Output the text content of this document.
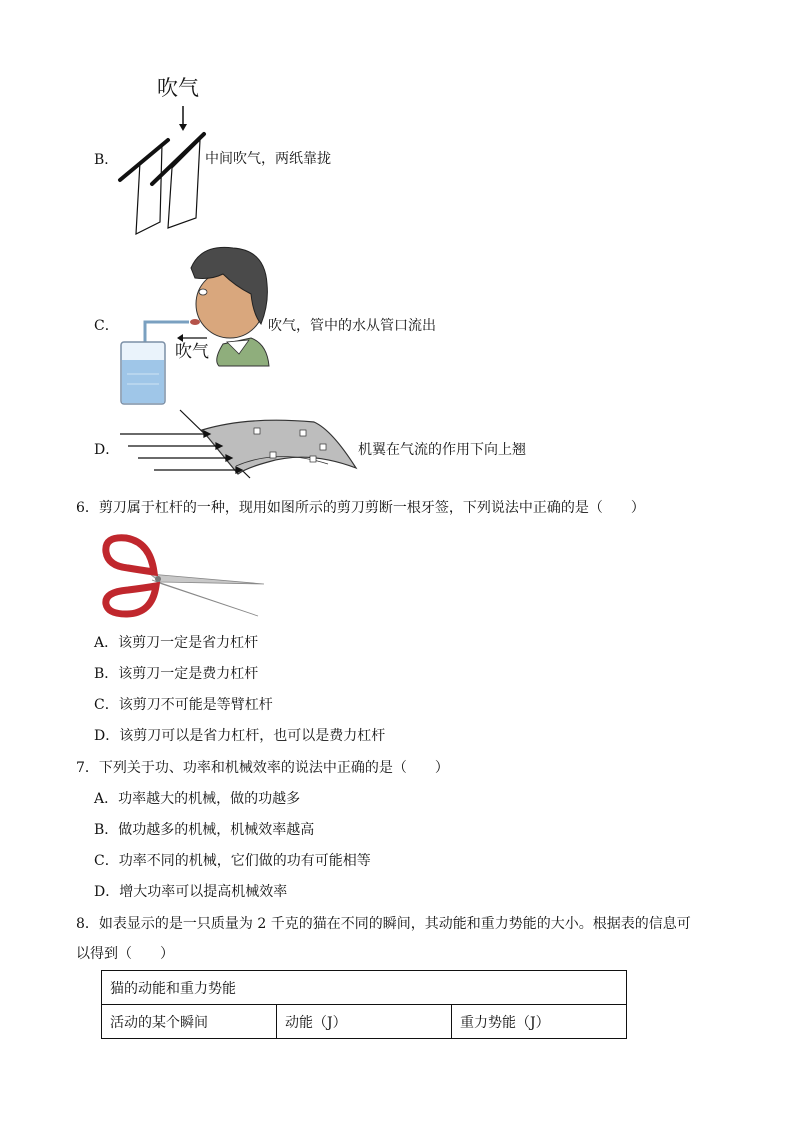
B．
吹气
中间吹气，两纸靠拢
C．
吹气
吹气，管中的水从管口流出
D．	机翼在气流的作用下向上翘
6．剪刀属于杠杆的一种，现用如图所示的剪刀剪断一根牙签，下列说法中正确的是（　　）
A．该剪刀一定是省力杠杆
B．该剪刀一定是费力杠杆
C．该剪刀不可能是等臂杠杆
D．该剪刀可以是省力杠杆，也可以是费力杠杆
7．下列关于功、功率和机械效率的说法中正确的是（　　）
A．功率越大的机械，做的功越多
B．做功越多的机械，机械效率越高
C．功率不同的机械，它们做的功有可能相等
D．增大功率可以提高机械效率
8．如表显示的是一只质量为 2 千克的猫在不同的瞬间，其动能和重力势能的大小。根据表的信息可
以得到（　　）
猫的动能和重力势能
活动的某个瞬间	动能（J）	重力势能（J）
